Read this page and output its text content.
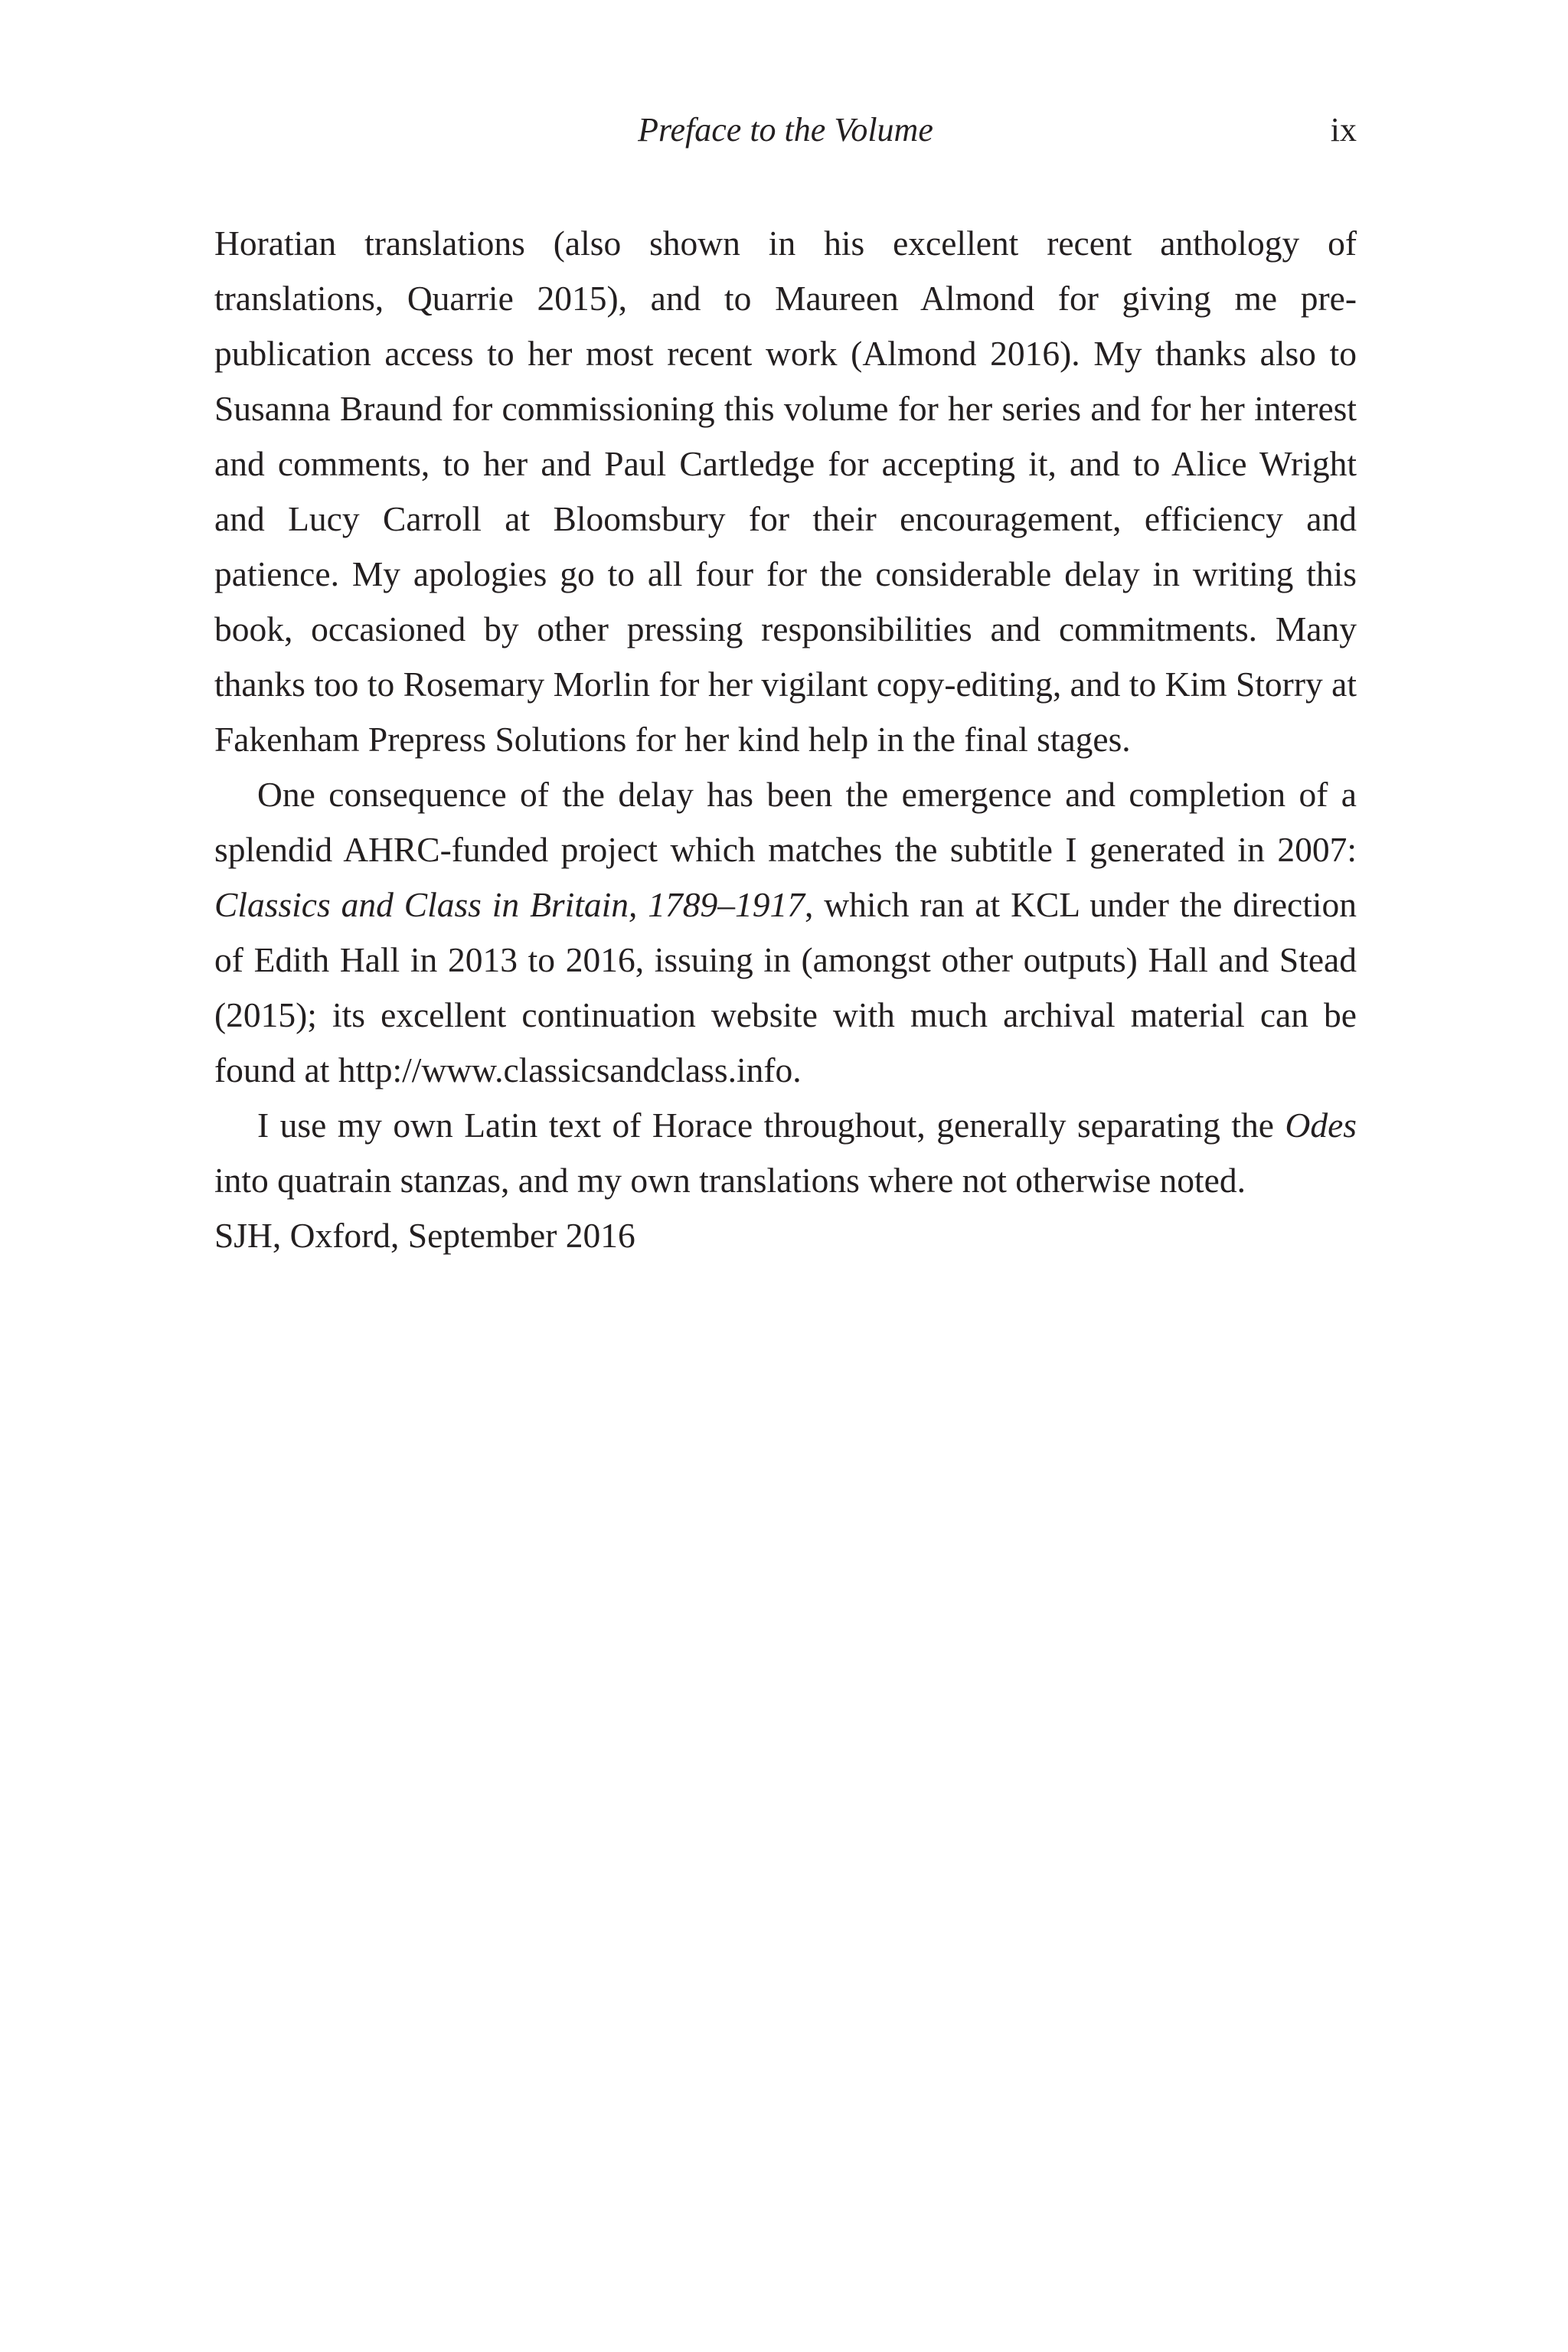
Preface to the Volume	ix

Horatian translations (also shown in his excellent recent anthology of translations, Quarrie 2015), and to Maureen Almond for giving me pre-publication access to her most recent work (Almond 2016). My thanks also to Susanna Braund for commissioning this volume for her series and for her interest and comments, to her and Paul Cartledge for accepting it, and to Alice Wright and Lucy Carroll at Bloomsbury for their encouragement, efficiency and patience. My apologies go to all four for the considerable delay in writing this book, occasioned by other pressing responsibilities and commitments. Many thanks too to Rosemary Morlin for her vigilant copy-editing, and to Kim Storry at Fakenham Prepress Solutions for her kind help in the final stages.

One consequence of the delay has been the emergence and completion of a splendid AHRC-funded project which matches the subtitle I generated in 2007: Classics and Class in Britain, 1789–1917, which ran at KCL under the direction of Edith Hall in 2013 to 2016, issuing in (amongst other outputs) Hall and Stead (2015); its excellent continuation website with much archival material can be found at http://www.classicsandclass.info.

I use my own Latin text of Horace throughout, generally separating the Odes into quatrain stanzas, and my own translations where not otherwise noted.

SJH, Oxford, September 2016
